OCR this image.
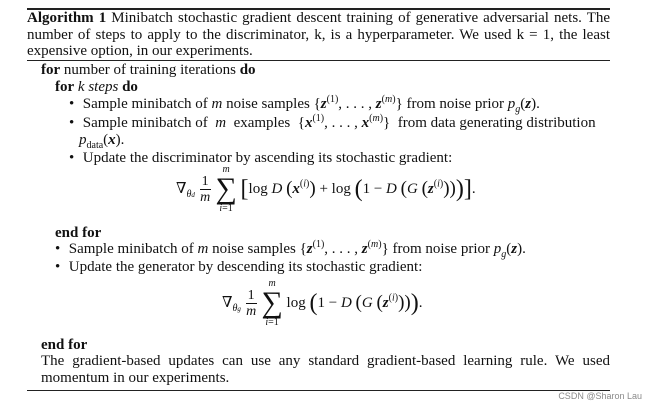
Algorithm 1 Minibatch stochastic gradient descent training of generative adversarial nets. The number of steps to apply to the discriminator, k, is a hyperparameter. We used k = 1, the least expensive option, in our experiments.
for number of training iterations do
for k steps do
• Sample minibatch of m noise samples {$z^{(1)}$, . . . , $z^{(m)}$} from noise prior $p_g(z)$.
• Sample minibatch of m examples {$x^{(1)}$, . . . , $x^{(m)}$} from data generating distribution
$p_{data}(x)$.
• Update the discriminator by ascending its stochastic gradient:
$\nabla_{\theta d} \frac{1}{m}$

m
∑
i=1
[log D $(x^{(i)}) + \log (1 - D$ (G $(z^{(i)})$))].
end for
• Sample minibatch of m noise samples {$z^{(1)}$, . . . , $z^{(m)}$} from noise prior $p_g(z)$.
• Update the generator by descending its stochastic gradient:
$\nabla_{\theta g} \frac{1}{m}$

m
∑
i=1
log (1 − D (G $(z^{(i)})$)).
end for
The gradient-based updates can use any standard gradient-based learning rule. We used momentum in our experiments.
CSDN @Sharon Lau
